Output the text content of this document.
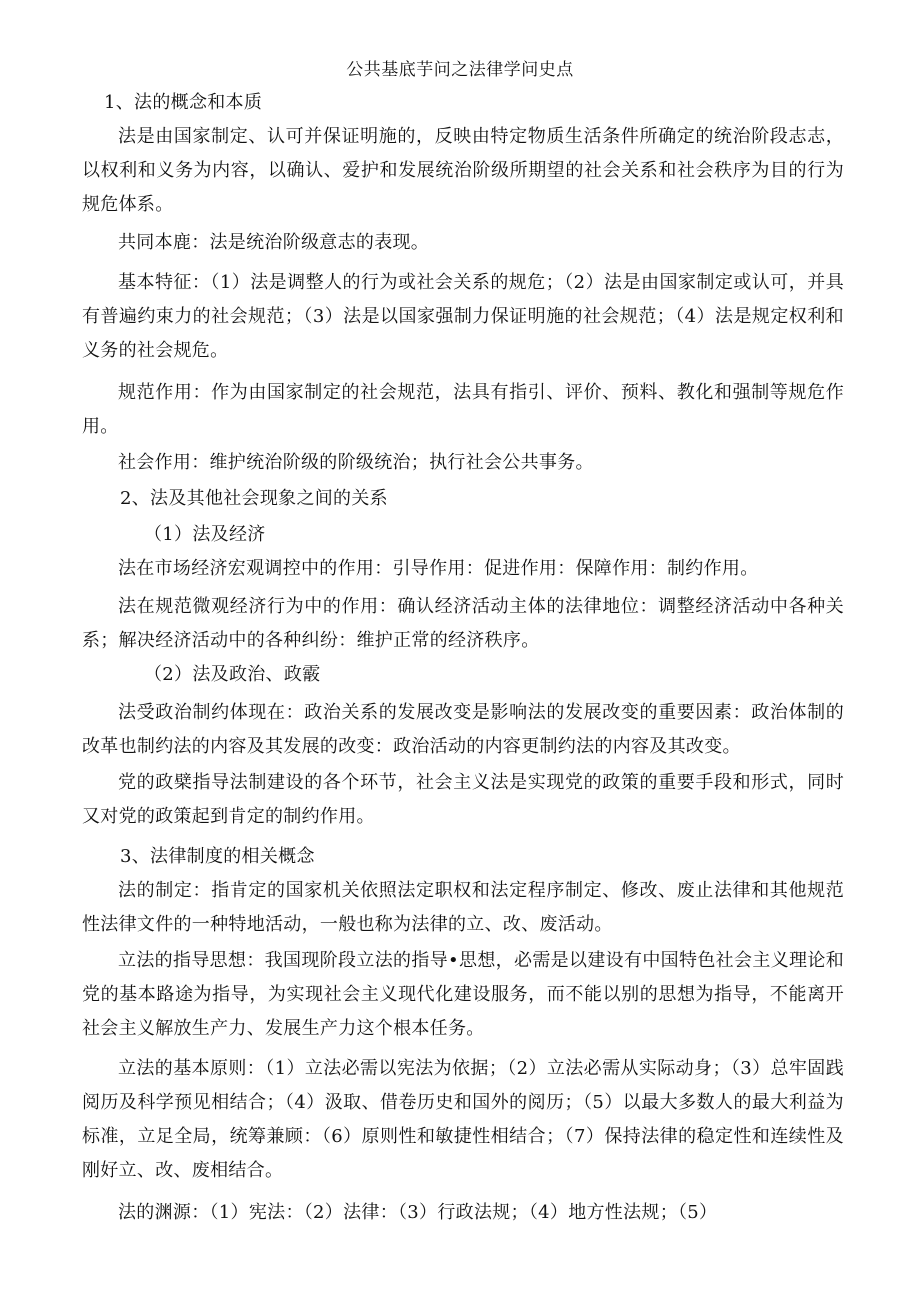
公共基底芋问之法律学问史点
1、法的概念和本质
法是由国家制定、认可并保证明施的，反映由特定物质生活条件所确定的统治阶段志志，以权利和义务为内容，以确认、爱护和发展统治阶级所期望的社会关系和社会秩序为目的行为规危体系。
共同本鹿：法是统治阶级意志的表现。
基本特征：（1）法是调整人的行为或社会关系的规危；（2）法是由国家制定或认可，并具有普遍约束力的社会规范；（3）法是以国家强制力保证明施的社会规范；（4）法是规定权利和义务的社会规危。
规范作用：作为由国家制定的社会规范，法具有指引、评价、预料、教化和强制等规危作用。
社会作用：维护统治阶级的阶级统治；执行社会公共事务。
2、法及其他社会现象之间的关系
（1）法及经济
法在市场经济宏观调控中的作用：引导作用：促进作用：保障作用：制约作用。
法在规范微观经济行为中的作用：确认经济活动主体的法律地位：调整经济活动中各种关系；解决经济活动中的各种纠纷：维护正常的经济秩序。
（2）法及政治、政霰
法受政治制约体现在：政治关系的发展改变是影响法的发展改变的重要因素：政治体制的改革也制约法的内容及其发展的改变：政治活动的内容更制约法的内容及其改变。
党的政檗指导法制建设的各个环节，社会主义法是实现党的政策的重要手段和形式，同时又对党的政策起到肯定的制约作用。
3、法律制度的相关概念
法的制定：指肯定的国家机关依照法定职权和法定程序制定、修改、废止法律和其他规范性法律文件的一种特地活动，一般也称为法律的立、改、废活动。
立法的指导思想：我国现阶段立法的指导•思想，必需是以建设有中国特色社会主义理论和党的基本路途为指导，为实现社会主义现代化建设服务，而不能以别的思想为指导，不能离开社会主义解放生产力、发展生产力这个根本任务。
立法的基本原则：（1）立法必需以宪法为依据；（2）立法必需从实际动身；（3）总牢固践阅历及科学预见相结合；（4）汲取、借卷历史和国外的阅历；（5）以最大多数人的最大利益为标准，立足全局，统筹兼顾：（6）原则性和敏捷性相结合；（7）保持法律的稳定性和连续性及刚好立、改、废相结合。
法的渊源：（1）宪法：（2）法律：（3）行政法规；（4）地方性法规；（5）
